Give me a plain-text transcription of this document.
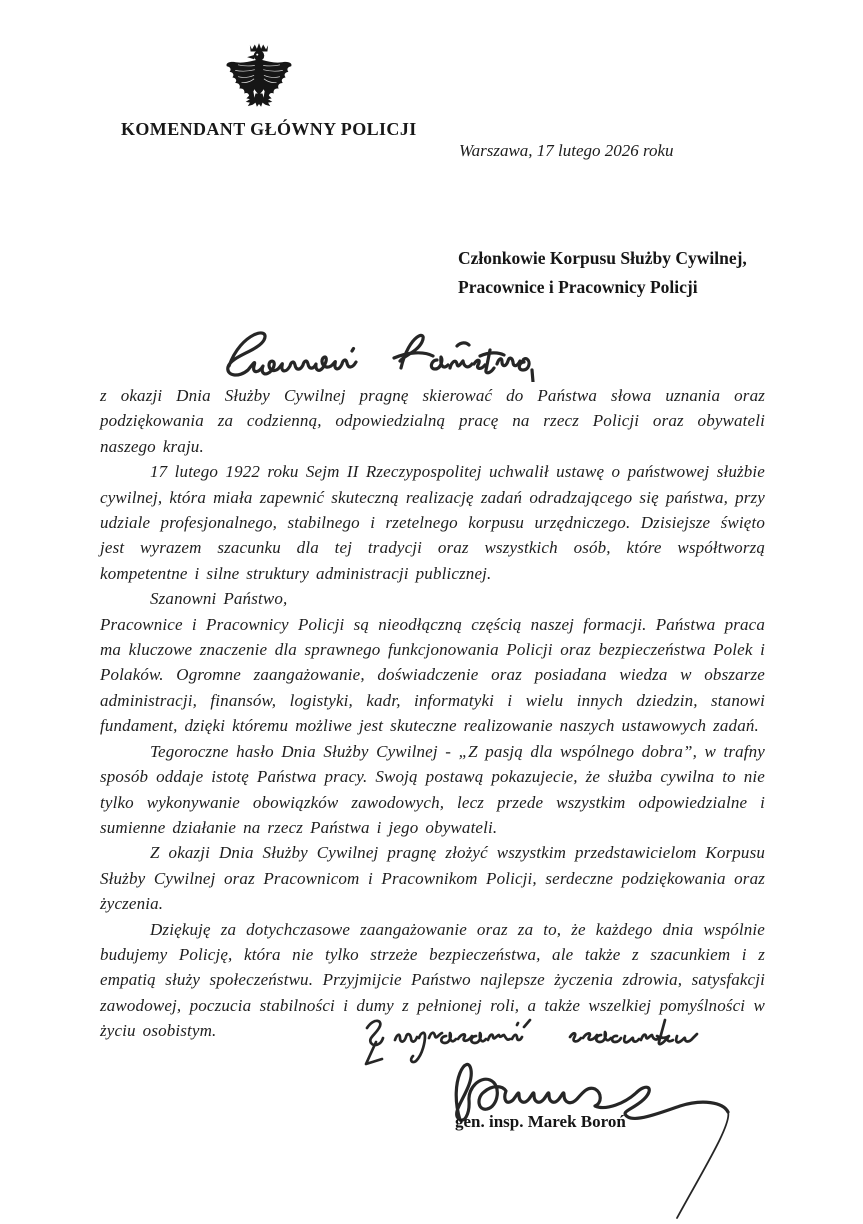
KOMENDANT GŁÓWNY POLICJI
Warszawa, 17 lutego 2026 roku
Członkowie Korpusu Służby Cywilnej,
Pracownice i Pracownicy Policji

z okazji Dnia Służby Cywilnej pragnę skierować do Państwa słowa uznania oraz podziękowania za codzienną, odpowiedzialną pracę na rzecz Policji oraz obywateli naszego kraju.

17 lutego 1922 roku Sejm II Rzeczypospolitej uchwalił ustawę o państwowej służbie cywilnej, która miała zapewnić skuteczną realizację zadań odradzającego się państwa, przy udziale profesjonalnego, stabilnego i rzetelnego korpusu urzędniczego. Dzisiejsze święto jest wyrazem szacunku dla tej tradycji oraz wszystkich osób, które współtworzą kompetentne i silne struktury administracji publicznej.

Szanowni Państwo,

Pracownice i Pracownicy Policji są nieodłączną częścią naszej formacji. Państwa praca ma kluczowe znaczenie dla sprawnego funkcjonowania Policji oraz bezpieczeństwa Polek i Polaków. Ogromne zaangażowanie, doświadczenie oraz posiadana wiedza w obszarze administracji, finansów, logistyki, kadr, informatyki i wielu innych dziedzin, stanowi fundament, dzięki któremu możliwe jest skuteczne realizowanie naszych ustawowych zadań.

Tegoroczne hasło Dnia Służby Cywilnej - „Z pasją dla wspólnego dobra”, w trafny sposób oddaje istotę Państwa pracy. Swoją postawą pokazujecie, że służba cywilna to nie tylko wykonywanie obowiązków zawodowych, lecz przede wszystkim odpowiedzialne i sumienne działanie na rzecz Państwa i jego obywateli.

Z okazji Dnia Służby Cywilnej pragnę złożyć wszystkim przedstawicielom Korpusu Służby Cywilnej oraz Pracownicom i Pracownikom Policji, serdeczne podziękowania oraz życzenia.

Dziękuję za dotychczasowe zaangażowanie oraz za to, że każdego dnia wspólnie budujemy Policję, która nie tylko strzeże bezpieczeństwa, ale także z szacunkiem i z empatią służy społeczeństwu. Przyjmijcie Państwo najlepsze życzenia zdrowia, satysfakcji zawodowej, poczucia stabilności i dumy z pełnionej roli, a także wszelkiej pomyślności w życiu osobistym.

gen. insp. Marek Boroń
